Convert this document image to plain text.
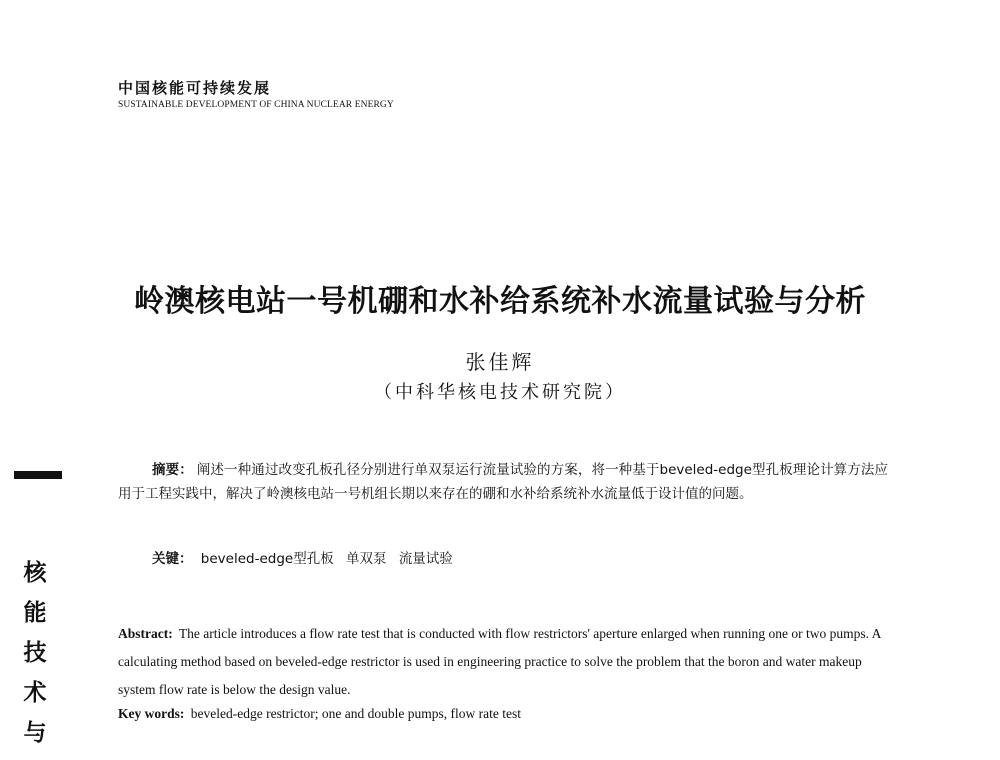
中国核能可持续发展
SUSTAINABLE DEVELOPMENT OF CHINA NUCLEAR ENERGY
岭澳核电站一号机硼和水补给系统补水流量试验与分析
张佳辉
（中科华核电技术研究院）
核
能
技
术
与

摘要： 阐述一种通过改变孔板孔径分别进行单双泵运行流量试验的方案，将一种基于beveled-edge型孔板理论计算方法应用于工程实践中，解决了岭澳核电站一号机组长期以来存在的硼和水补给系统补水流量低于设计值的问题。

关键： beveled-edge型孔板 单双泵 流量试验

Abstract: The article introduces a flow rate test that is conducted with flow restrictors' aperture enlarged when running one or two pumps. A calculating method based on beveled-edge restrictor is used in engineering practice to solve the problem that the boron and water makeup system flow rate is below the design value.

Key words: beveled-edge restrictor; one and double pumps, flow rate test
